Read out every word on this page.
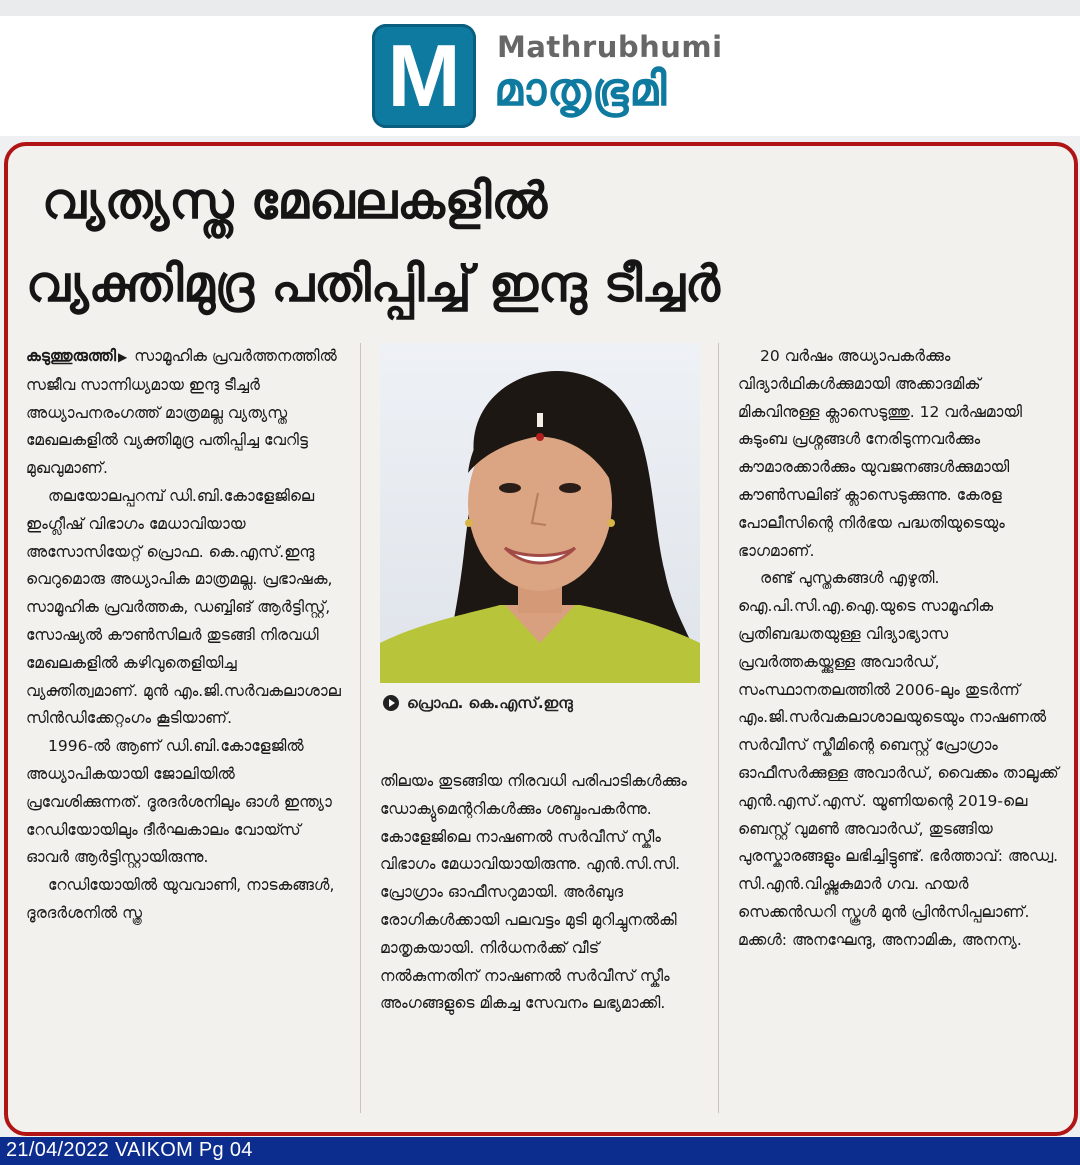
M	Mathrubhumi
മാതൃഭൂമി
വ്യത്യസ്ത മേഖലകളിൽ
വ്യക്തിമുദ്ര പതിപ്പിച്ച് ഇന്ദു ടീച്ചർ

കടുത്തുരുത്തി ▶ സാമൂഹിക പ്രവർത്തനത്തിൽ സജീവ സാന്നിധ്യമായ ഇന്ദു ടീച്ചർ അധ്യാപനരംഗത്ത് മാത്രമല്ല വ്യത്യസ്ത മേഖലകളിൽ വ്യക്തിമുദ്ര പതിപ്പിച്ച വേറിട്ട മുഖവുമാണ്.

തലയോലപ്പറമ്പ് ഡി.ബി.കോളേജിലെ ഇംഗ്ലീഷ് വിഭാഗം മേധാവിയായ അസോസിയേറ്റ് പ്രൊഫ. കെ.എസ്.ഇന്ദു വെറുമൊരു അധ്യാപിക മാത്രമല്ല. പ്രഭാഷക, സാമൂഹിക പ്രവർത്തക, ഡബ്ബിങ് ആർട്ടിസ്റ്റ്, സോഷ്യൽ കൗൺസിലർ തുടങ്ങി നിരവധി മേഖലകളിൽ കഴിവുതെളിയിച്ച വ്യക്തിത്വമാണ്. മുൻ എം.ജി.സർവകലാശാല സിൻഡിക്കേറ്റംഗം കൂടിയാണ്.

1996-ൽ ആണ് ഡി.ബി.കോളേജിൽ അധ്യാപികയായി ജോലിയിൽ പ്രവേശിക്കുന്നത്. ദൂരദർശനിലും ഓൾ ഇന്ത്യാ റേഡിയോയിലും ദീർഘകാലം വോയ്സ് ഓവർ ആർട്ടിസ്റ്റായിരുന്നു.

റേഡിയോയിൽ യുവവാണി, നാടകങ്ങൾ, ദൂരദർശനിൽ സ്ത്ര

പ്രൊഫ. കെ.എസ്.ഇന്ദു

തിലയം തുടങ്ങിയ നിരവധി പരിപാടികൾക്കും ഡോക്യുമെന്ററികൾക്കും ശബ്ദംപകർന്നു. കോളേജിലെ നാഷണൽ സർവീസ് സ്കീം വിഭാഗം മേധാവിയായിരുന്നു. എൻ.സി.സി. പ്രോഗ്രാം ഓഫീസറുമായി. അർബുദ രോഗികൾക്കായി പലവട്ടം മുടി മുറിച്ചുനൽകി മാതൃകയായി. നിർധനർക്ക് വീട് നൽകുന്നതിന് നാഷണൽ സർവീസ് സ്കീം അംഗങ്ങളുടെ മികച്ച സേവനം ലഭ്യമാക്കി.

20 വർഷം അധ്യാപകർക്കും വിദ്യാർഥികൾക്കുമായി അക്കാദമിക് മികവിനുള്ള ക്ലാസെടുത്തു. 12 വർഷമായി കുടുംബ പ്രശ്നങ്ങൾ നേരിടുന്നവർക്കും കൗമാരക്കാർക്കും യുവജനങ്ങൾക്കുമായി കൗൺസലിങ് ക്ലാസെടുക്കുന്നു. കേരള പോലീസിന്റെ നിർഭയ പദ്ധതിയുടെയും ഭാഗമാണ്.

രണ്ട് പുസ്തകങ്ങൾ എഴുതി. ഐ.പി.സി.എ.ഐ.യുടെ സാമൂഹിക പ്രതിബദ്ധതയുള്ള വിദ്യാഭ്യാസ പ്രവർത്തകയ്ക്കുള്ള അവാർഡ്, സംസ്ഥാനതലത്തിൽ 2006-ലും തുടർന്ന് എം.ജി.സർവകലാശാലയുടെയും നാഷണൽ സർവീസ് സ്കീമിന്റെ ബെസ്റ്റ് പ്രോഗ്രാം ഓഫീസർക്കുള്ള അവാർഡ്, വൈക്കം താലൂക്ക് എൻ.എസ്.എസ്. യൂണിയന്റെ 2019-ലെ ബെസ്റ്റ് വുമൺ അവാർഡ്, തുടങ്ങിയ പുരസ്കാരങ്ങളും ലഭിച്ചിട്ടുണ്ട്. ഭർത്താവ്: അഡ്വ. സി.എൻ.വിഷ്ണുകുമാർ ഗവ. ഹയർ സെക്കൻഡറി സ്കൂൾ മുൻ പ്രിൻസിപ്പലാണ്. മക്കൾ: അനഘേന്ദു, അനാമിക, അനന്യ.

21/04/2022 VAIKOM Pg 04
